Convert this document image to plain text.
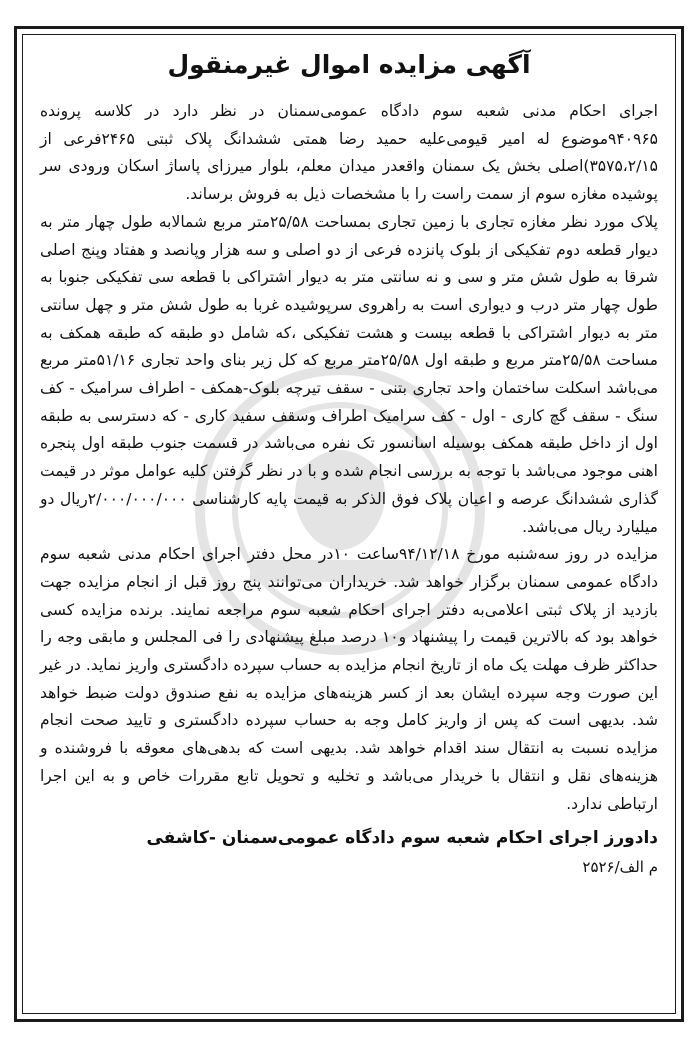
آگهی مزایده اموال غیرمنقول

اجرای احکام مدنی شعبه سوم دادگاه عمومی‌سمنان در نظر دارد در کلاسه پرونده ۹۴۰۹۶۵موضوع له امیر قیومی‌علیه حمید رضا همتی ششدانگ پلاک ثبتی ۲۴۶۵فرعی از ۳۵۷۵،۲/۱۵)اصلی بخش یک سمنان واقعدر میدان معلم، بلوار میرزای پاساژ اسکان ورودی سر پوشیده مغازه سوم از سمت راست را با مشخصات ذیل به فروش برساند.

پلاک مورد نظر مغازه تجاری با زمین تجاری بمساحت ۲۵/۵۸متر مربع شمالابه طول چهار متر به دیوار قطعه دوم تفکیکی از بلوک پانزده فرعی از دو اصلی و سه هزار وپانصد و هفتاد وپنج اصلی شرقا به طول شش متر و سی و نه سانتی متر به دیوار اشتراکی با قطعه سی تفکیکی جنوبا به طول چهار متر درب و دیواری است به راهروی سرپوشیده غربا به طول شش متر و چهل سانتی متر به دیوار اشتراکی با قطعه بیست و هشت تفکیکی ،که شامل دو طبقه که طبقه همکف به مساحت ۲۵/۵۸متر مربع و طبقه اول ۲۵/۵۸متر مربع که کل زیر بنای واحد تجاری ۵۱/۱۶متر مربع می‌باشد اسکلت ساختمان واحد تجاری بتنی - سقف تیرچه بلوک-همکف - اطراف سرامیک - کف سنگ - سقف گچ کاری - اول - کف سرامیک اطراف وسقف سفید کاری - که دسترسی به طبقه اول از داخل طبقه همکف بوسیله اسانسور تک نفره می‌باشد در قسمت جنوب طبقه اول پنجره اهنی موجود می‌باشد با توجه به بررسی انجام شده و با در نظر گرفتن کلیه عوامل موثر در قیمت گذاری ششدانگ عرصه و اعیان پلاک فوق الذکر به قیمت پایه کارشناسی ۲/۰۰۰/۰۰۰/۰۰۰ریال دو میلیارد ریال می‌باشد.

مزایده در روز سه‌شنبه مورخ ۹۴/۱۲/۱۸ساعت ۱۰در محل دفتر اجرای احکام مدنی شعبه سوم دادگاه عمومی سمنان برگزار خواهد شد. خریداران می‌توانند پنج روز قبل از انجام مزایده جهت بازدید از پلاک ثبتی اعلامی‌به دفتر اجرای احکام شعبه سوم مراجعه نمایند. برنده مزایده کسی خواهد بود که بالاترین قیمت را پیشنهاد و۱۰ درصد مبلغ پیشنهادی را فی المجلس و مابقی وجه را حداکثر ظرف مهلت یک ماه از تاریخ انجام مزایده به حساب سپرده دادگستری واریز نماید. در غیر این صورت وجه سپرده ایشان بعد از کسر هزینه‌های مزایده به نفع صندوق دولت ضبط خواهد شد. بدیهی است که پس از واریز کامل وجه به حساب سپرده دادگستری و تایید صحت انجام مزایده نسبت به انتقال سند اقدام خواهد شد. بدیهی است که بدهی‌های معوقه با فروشنده و هزینه‌های نقل و انتقال با خریدار می‌باشد و تخلیه و تحویل تابع مقررات خاص و به این اجرا ارتباطی ندارد.

دادورز اجرای احکام شعبه سوم دادگاه عمومی‌سمنان -کاشفی
م الف/۲۵۲۶
